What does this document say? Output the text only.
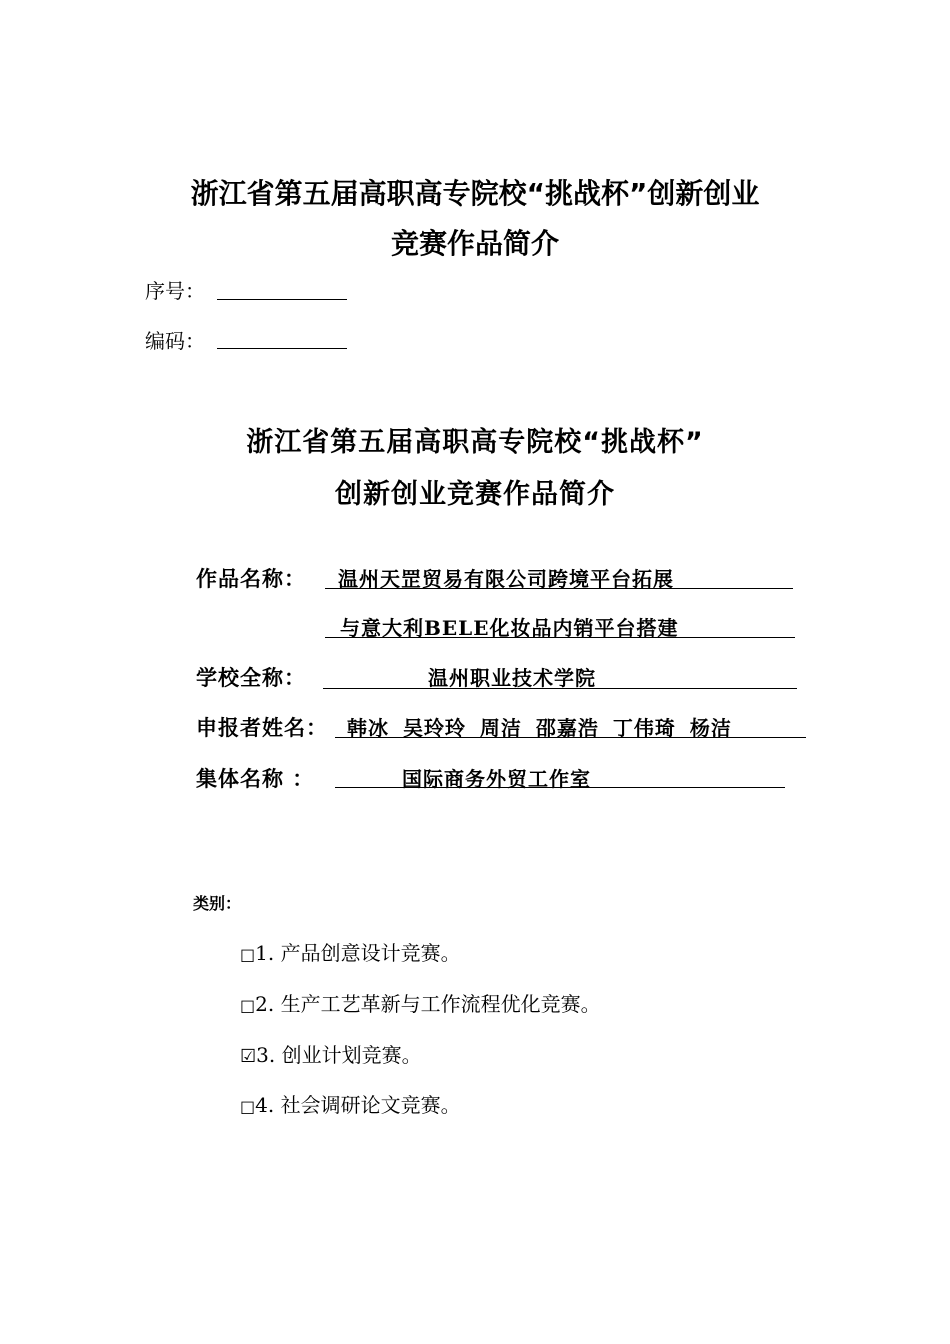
浙江省第五届高职高专院校“挑战杯”创新创业
竞赛作品简介
序号：
编码：
浙江省第五届高职高专院校“挑战杯”
创新创业竞赛作品简介
作品名称： 温州天罡贸易有限公司跨境平台拓展
与意大利BELE化妆品内销平台搭建
学校全称：	温州职业技术学院
申报者姓名： 韩冰 吴玲玲 周洁 邵嘉浩 丁伟琦 杨洁
集体名称 ：	国际商务外贸工作室
类别：
□1. 产品创意设计竞赛。
□2. 生产工艺革新与工作流程优化竞赛。
☑3. 创业计划竞赛。
□4. 社会调研论文竞赛。
